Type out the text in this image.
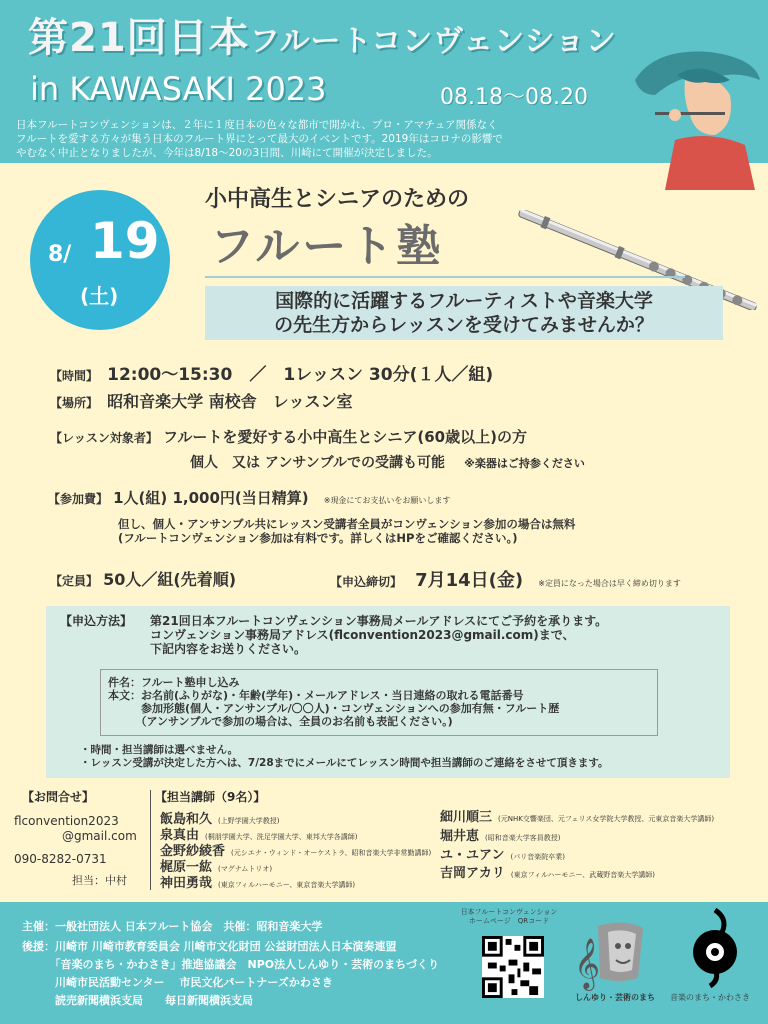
第21回日本フルートコンヴェンション
in KAWASAKI 2023	08.18〜08.20
日本フルートコンヴェンションは、２年に１度日本の色々な都市で開かれ、プロ・アマチュア関係なく
フルートを愛する方々が集う日本のフルート界にとって最大のイベントです。2019年はコロナの影響で
やむなく中止となりましたが、今年は8/18〜20の3日間、川崎にて開催が決定しました。
8/ 19
(土)
小中高生とシニアのための
フルート塾
国際的に活躍するフルーティストや音楽大学
の先生方からレッスンを受けてみませんか？
【時間】 12:00〜15:30　／　1レッスン 30分(１人／組)
【場所】 昭和音楽大学 南校舎　レッスン室
【レッスン対象者】 フルートを愛好する小中高生とシニア(60歳以上)の方
個人　又は アンサンブルでの受講も可能 ※楽器はご持参ください
【参加費】 1人(組) 1,000円(当日精算) ※現金にてお支払いをお願いします
但し、個人・アンサンブル共にレッスン受講者全員がコンヴェンション参加の場合は無料
(フルートコンヴェンション参加は有料です。詳しくはHPをご確認ください。)
【定員】 50人／組(先着順)	【申込締切】 7月14日(金) ※定員になった場合は早く締め切ります
【申込方法】 第21回日本フルートコンヴェンション事務局メールアドレスにてご予約を承ります。
コンヴェンション事務局アドレス(flconvention2023@gmail.com)まで、
下記内容をお送りください。
件名：フルート塾申し込み
本文：お名前(ふりがな)・年齢(学年)・メールアドレス・当日連絡の取れる電話番号
　　　参加形態(個人・アンサンブル/〇〇人)・コンヴェンションへの参加有無・フルート歴
　　　（アンサンブルで参加の場合は、全員のお名前も表記ください。)
・時間・担当講師は選べません。
・レッスン受講が決定した方へは、7/28までにメールにてレッスン時間や担当講師のご連絡をさせて頂きます。
【お問合せ】
flconvention2023
@gmail.com
090-8282-0731
担当：中村
【担当講師（9名）】
飯島和久 (上野学園大学教授)
泉真由 (桐朋学園大学、洗足学園大学、東邦大学各講師)
金野紗綾香 (元シエナ・ウィンド・オーケストラ、昭和音楽大学非常勤講師)
梶原一紘 (マグナムトリオ)
神田勇哉 (東京フィルハーモニー、東京音楽大学講師)
細川順三 (元NHK交響楽団、元フェリス女学院大学教授、元東京音楽大学講師)
堀井恵 (昭和音楽大学客員教授)
ユ・ユアン (パリ音楽院卒業)
吉岡アカリ (東京フィルハーモニー、武蔵野音楽大学講師)
主催：一般社団法人 日本フルート協会　共催：昭和音楽大学
後援：川崎市 川崎市教育委員会 川崎市文化財団 公益財団法人日本演奏連盟
　　　「音楽のまち・かわさき」推進協議会　NPO法人しんゆり・芸術のまちづくり
　　　川崎市民活動センター　 市民文化パートナーズかわさき
　　　読売新聞横浜支局　　毎日新聞横浜支局
日本フルートコンヴェンション
ホームページ　QRコード
𝄞
しんゆり・芸術のまち 音楽のまち・かわさき
